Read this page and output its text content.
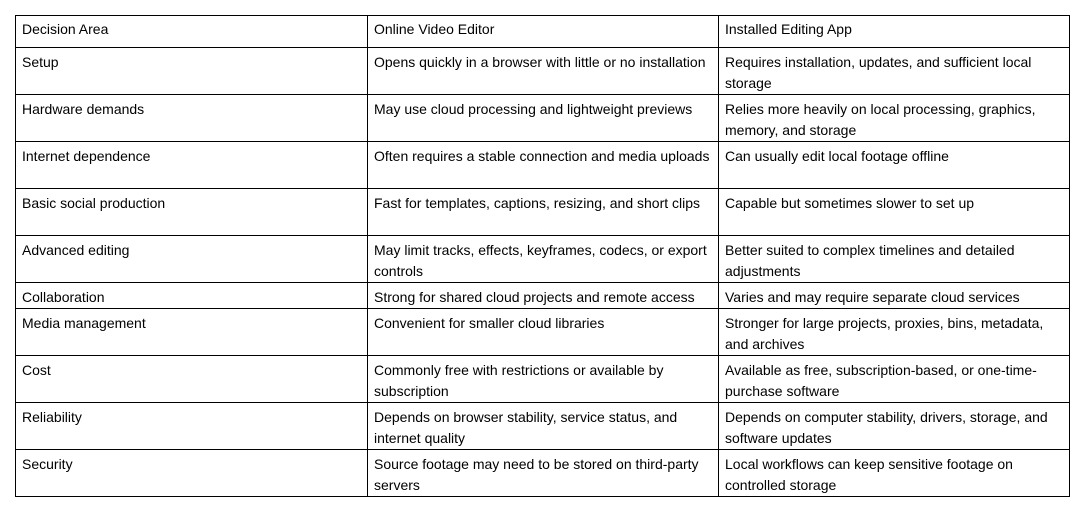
Decision Area	Online Video Editor	Installed Editing App
Setup	Opens quickly in a browser with little or no installation	Requires installation, updates, and sufficient local storage
Hardware demands	May use cloud processing and lightweight previews	Relies more heavily on local processing, graphics, memory, and storage
Internet dependence	Often requires a stable connection and media uploads	Can usually edit local footage offline
Basic social production	Fast for templates, captions, resizing, and short clips	Capable but sometimes slower to set up
Advanced editing	May limit tracks, effects, keyframes, codecs, or export controls	Better suited to complex timelines and detailed adjustments
Collaboration	Strong for shared cloud projects and remote access	Varies and may require separate cloud services
Media management	Convenient for smaller cloud libraries	Stronger for large projects, proxies, bins, metadata, and archives
Cost	Commonly free with restrictions or available by subscription	Available as free, subscription-based, or one-time-purchase software
Reliability	Depends on browser stability, service status, and internet quality	Depends on computer stability, drivers, storage, and software updates
Security	Source footage may need to be stored on third-party servers	Local workflows can keep sensitive footage on controlled storage
